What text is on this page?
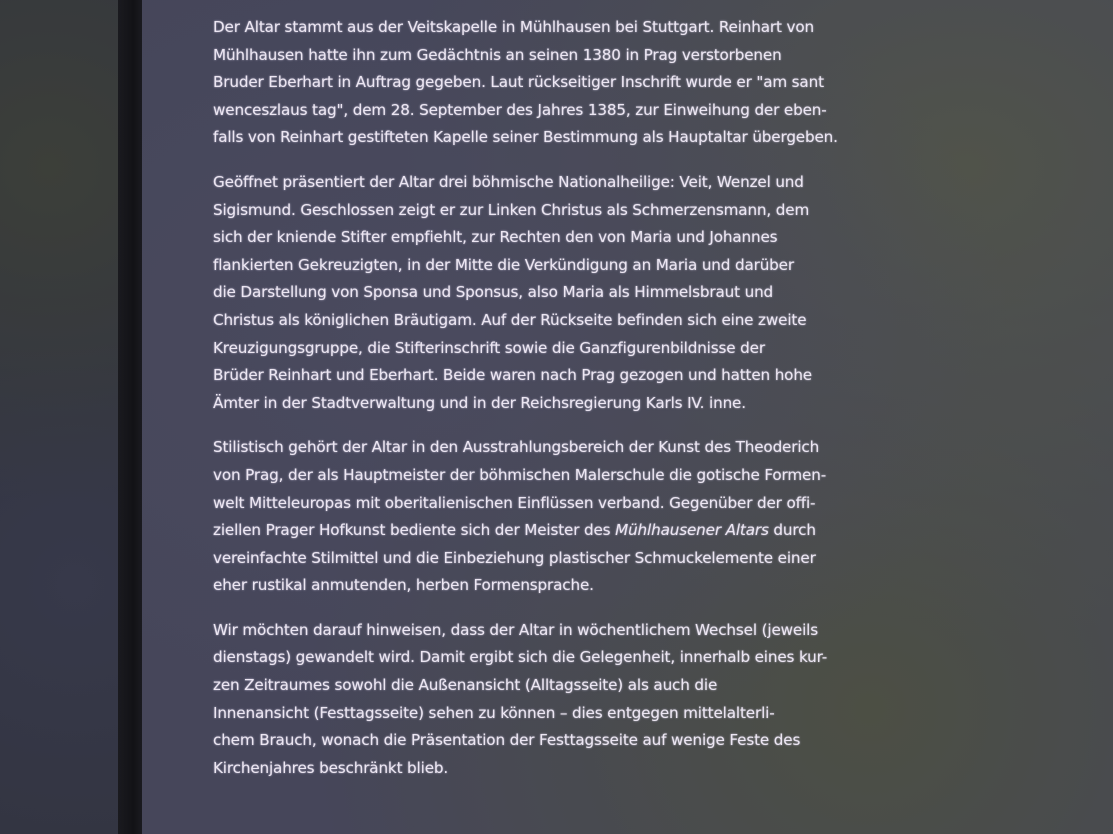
Der Altar stammt aus der Veitskapelle in Mühlhausen bei Stuttgart. Reinhart von
Mühlhausen hatte ihn zum Gedächtnis an seinen 1380 in Prag verstorbenen
Bruder Eberhart in Auftrag gegeben. Laut rückseitiger Inschrift wurde er "am sant
wenceszlaus tag", dem 28. September des Jahres 1385, zur Einweihung der eben-
falls von Reinhart gestifteten Kapelle seiner Bestimmung als Hauptaltar übergeben.

Geöffnet präsentiert der Altar drei böhmische Nationalheilige: Veit, Wenzel und
Sigismund. Geschlossen zeigt er zur Linken Christus als Schmerzensmann, dem
sich der kniende Stifter empfiehlt, zur Rechten den von Maria und Johannes
flankierten Gekreuzigten, in der Mitte die Verkündigung an Maria und darüber
die Darstellung von Sponsa und Sponsus, also Maria als Himmelsbraut und
Christus als königlichen Bräutigam. Auf der Rückseite befinden sich eine zweite
Kreuzigungsgruppe, die Stifterinschrift sowie die Ganzfigurenbildnisse der
Brüder Reinhart und Eberhart. Beide waren nach Prag gezogen und hatten hohe
Ämter in der Stadtverwaltung und in der Reichsregierung Karls IV. inne.

Stilistisch gehört der Altar in den Ausstrahlungsbereich der Kunst des Theoderich
von Prag, der als Hauptmeister der böhmischen Malerschule die gotische Formen-
welt Mitteleuropas mit oberitalienischen Einflüssen verband. Gegenüber der offi-
ziellen Prager Hofkunst bediente sich der Meister des Mühlhausener Altars durch
vereinfachte Stilmittel und die Einbeziehung plastischer Schmuckelemente einer
eher rustikal anmutenden, herben Formensprache.

Wir möchten darauf hinweisen, dass der Altar in wöchentlichem Wechsel (jeweils
dienstags) gewandelt wird. Damit ergibt sich die Gelegenheit, innerhalb eines kur-
zen Zeitraumes sowohl die Außenansicht (Alltagsseite) als auch die
Innenansicht (Festtagsseite) sehen zu können – dies entgegen mittelalterli-
chem Brauch, wonach die Präsentation der Festtagsseite auf wenige Feste des
Kirchenjahres beschränkt blieb.
